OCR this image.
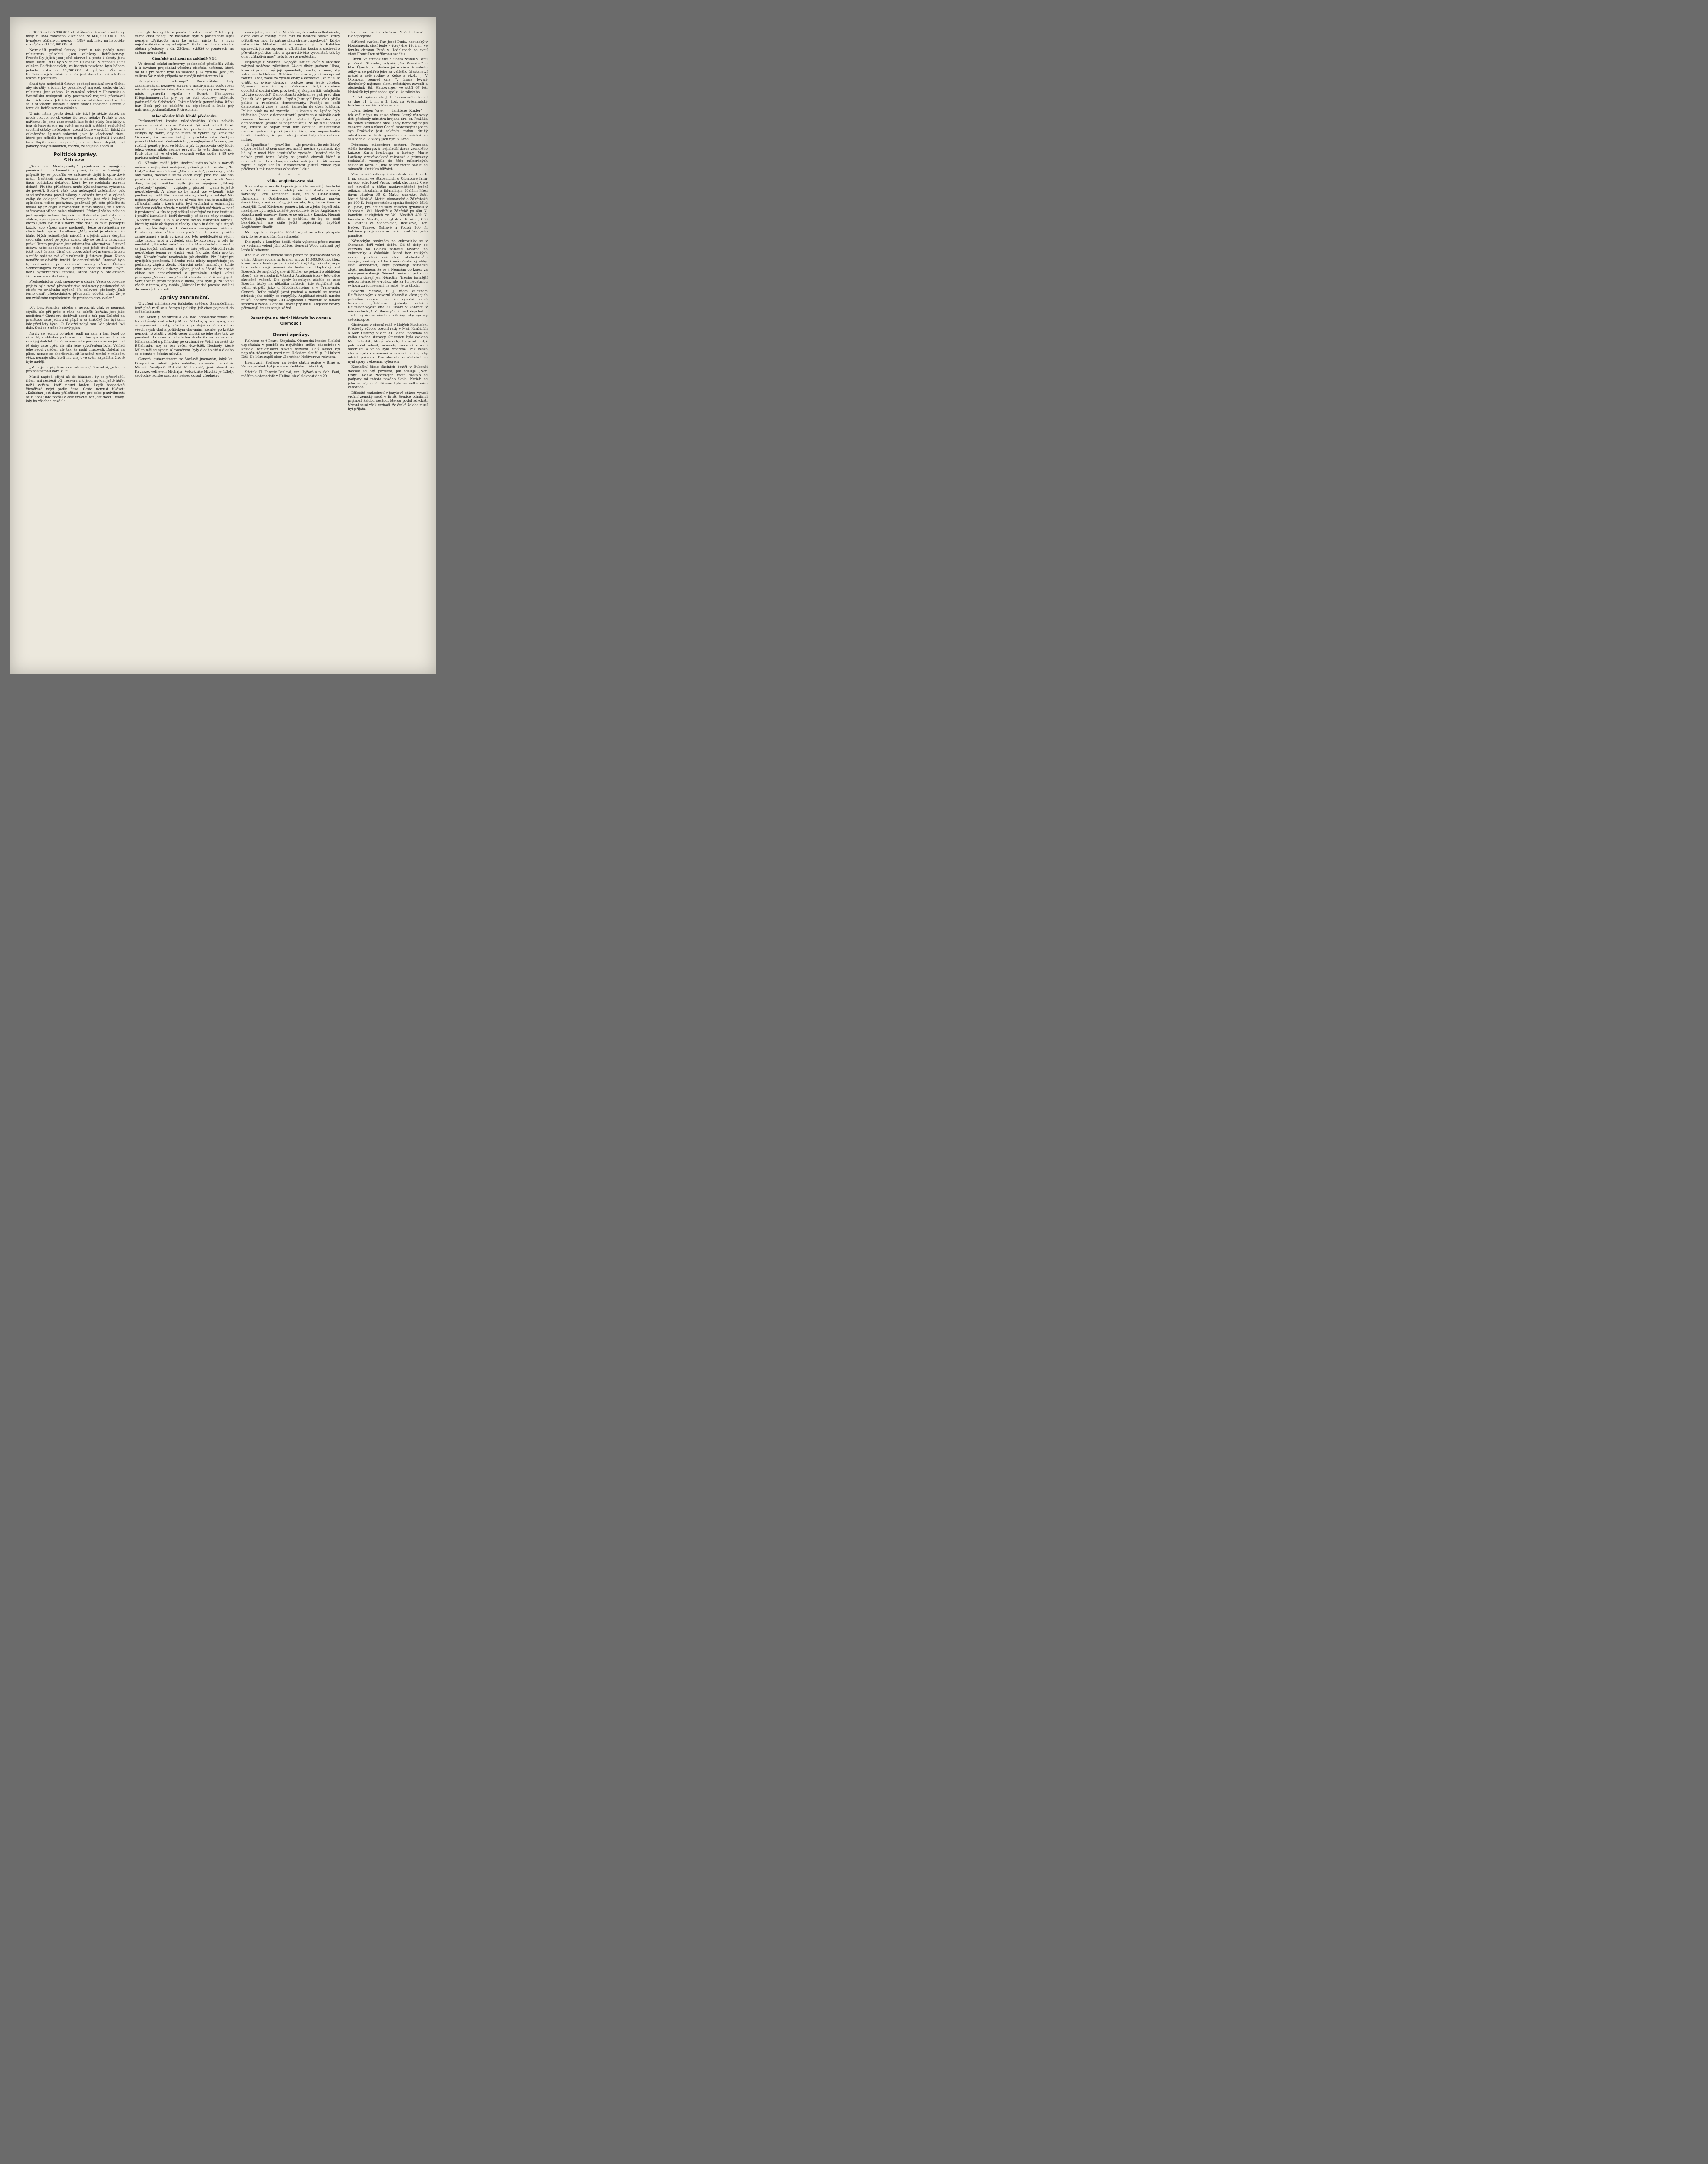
r. 1886 za 305,900.000 zl. Veškeré rakouské spořitelny měly r. 1884 zaneseno v knihách za 600,200.000 zl. na hypotéky půjčených peněz, r. 1897 pak měly na hypotéky rozpůjčeno 1172,300.000 zl.

Nejmladší peněžní ústavy, které u nás počaly mezi rolnictvem působiti, jsou založeny Raiffeisenovy. Prostředky jejich jsou ještě skrovné a proto i obraty jsou malé. Roku 1897 bylo v celém Rakousku v činnosti 1669 záložen Raiffeisenových, ve kterých povoleno bylo během jednoho roku za 14,700.000 zl. půjček. Působení Raiffeisenových záložen u nás jest dosud velmi mladé a takřka v počátcích.

Snad tyto nejmladší ústavy pochopí sociální svou úlohu, aby sloužily k tomu, by pozemkový majetek zachován byl rolnictvu. Jest známo, že zámožní rolníci v Hessensku a Westfálsku nedopustí, aby pozemkový majetek přecházel do cizích rukou. Jeli kde dražba na rolnickou usedlost, tu se k ní všichni dostaví a koupí statek společně. Peníze k tomu dá Raiffeisenova záložna.

U nás máme peněz dosti, ale když je někde statek na prodej, koupí ho obyčejně žid nebo nějaký Prušák a pak nařízime, že jsme zase ztratili kus české půdy. Bez lásky a bez obětavosti nic na světě se nedaří a žádné rozluštění sociální otázky nečekejme, dokud bude v srdcích lidských zakořeněno špinavé sobectví, jako je všeobecně dnes, které pro několik krejcarů nejhoršímu nepříteli i vlastní krev. Kapitalismem se poměry ani na vlas nezlepšily nad poměry doby feudálních, možná, že se ještě zhoršilu.

Politické zprávy.
Situace.

„Son- und Montagszeitg.“ pojednává o nynějších poměrech v parlamentě a praví, že v nepřznivějším případě by se podařilo ve sněmovně dojíti k opravdové práci. Nastávají však nesnáze s adresní debatou anebo jinou politickou debatou, která by se podobala adresní debatě. Při této příležitosti může býti sněmovna vyhozena do povětří. Bude-li však toto nebezpečí zažehnáno, pak snad sněmovna povolí zákony o odvodu branců a vykoná volby do delegací. Povolení rozpočtu jest však každým způsobem velice pochybno, poněvadž při této příležitosti mohlo by již dojíti k rozhodnutí v tom smyslu, že s touto sněmovnou vůbec nelze vládnouti. Přehrají všeho nebude jest nynější ústava. Poprvé, co Rakousko jest ústavním státem, slyšeli jsme v trůnní řeči významná slova: „Ústava, kterou jsem své říši z dobré vůle dal.“ To musí pochopiti každý, kdo vůbec chce pochopiti. Ještě zřetelnějším se stává tento výrok dodatkem: „Můj zřetel je obrácen ku blahu Mých jednotlivých národů a z jejich zdaru čerpám svou sílu, neboť po jejich zdaru, aby se těšili z ústavních práv.“ Tímto projevem jest odstraněna alternativa, ústavní ústava nebo absolutismus, nebo jest ještě třetí možnost, totiž nová ústava. Císař dal dobrovolně svým časem ústavu a může opět ze své vůle nahraditi ji ústavou jinou. Nikdo nemůže se odvážiti tvrditi, že centralistická, únorová byla by dobrodiním pro rakouské národy vůbec. Ústava Schmerlingova nebyla od prvního počátku ničím jiným, nežli byrokratickou fantasií, která nikdy v praktickém životě nezapustila kořeny.

Předsednictvo posl. sněmovny u císaře. Včera dopoledne přijato bylo nové předsednictvo sněmovny poslanecké od císaře ve zvláštním slyšení. Na oslovení předsedy, jímž tento císaři předsednictvo představil, odvětil císař, že je mu zvláštním uspokojením, že předsednictvo zvolené

„Co bys, Francku, ničeho si nepopřál, však se nemusíš stydět, ale při práci z ráno na zahřítí kořalka jest jako medicína.“ Chuti mu dodávali dosti a tak pan Doležel na pranštotu zase jednou si připil a za kratičký čas byl tam, kde před lety býval. O. Doležel nebyl tam, kde přestal, byl dále. Stal se z něho hotový piján.

Napiv se jednou pořádně, padl na zem a tam ležel do rána. Byla chladná podzimní noc. Ten spánek na chladné zemi jej dodělal. Silně onemocněl a pozdravív se na jaře od té doby zase opět, ale síla jeho vykořeněna byla. Vzhled jeho nebyl vyléčen, ale tak, že mohl pracovati. Doléhal na plíce, nemoc se zhoršovala, až konečně umřel v mladém věku, nemaje sílu, kteří mu znejít ve svém zapadlém životě bylo naději.

„Mohl jsem přijíti na více zatracení,“ říkával si, „a to jen pro něštastnou kořalku!“

Musil napřed přijíti až do blázince, by se přesvědčil, tidem ani neštěstí oči nezavírá a tí jsou na tom ještě hůře, nežli zvířata, kteří nesmí budou. Lepší hospodyně čtenářské nejví podle čase. Často nemusí říkávat: „Každému jest dána příležitost pro pro sebe pozdvihnouti až k Bohu; kdo přešel z celé úrovně, ten jest dosti i tehdy, kdy ho všechno chválí.“

no bylo tak rychle a poměrně jednohlasně. Z toho prý čerpá císař naději, že nastanou nyní v parlamentě lepší poměry. „Přikročte nyní ke práci, místo to je nyní nejdůležitějším a nejnutnějším“. Po té rozmlouval císař s oběma předsedy, s dr. Žáčkem zvláště o poměrech na sněmu moravském.

Císařské nařízení na základě § 14

Ve dnešní schází sněmovny poslanecké předložila vláda k ú tavnímu projednání všechna císařská nařízení, která od ní s přeložené byla na základě § 14 vydána. Jest jich celkem 58; z nich připadá na nynější ministerstvo 18.

Kriegshammer odstoupí? Budapešťské listy zaznamenávají poznovu zprávu o nastávajícím odstoupení ministra vojenství Kriegshammera, kterýž prý nastoupí na místo generála Apella v Bosně. Nástupcem Kriegshammerovým prý by se stal odborový náčelník podmaršálek Schönaich. Také náčelník generálního štábu bar. Beck prý se odebéře na odpočinutí a bude prý nahrazen podmaršálkem Pittreichem.

Mladočeský klub hledá předsedu.

Parlamentární komise mladočeského klubu nabídla předsednictví klubu dru. Kaizlovi. Týž však odmítl. Totéž učinil i dr. Herold. Jelikož též předsednictví nabídnuto. Nebyla by dobře, aby na místo to vybrán byl konkurs? Okolnost, že nechce žádný z předáků mladočeských převzíti klubovní předsednictví, je nejlepším důkazem, jak rozbitý poměry jsou ve klubu a jak dopracovala celý klub, jehož vedení nikdo nechce převzíti. To je to dopracování! Klub chce již ve čtvrtek vykonati volbu podle § 49 své parlamentární komise.

O „Národní radě“ jejíž utvoření uvítáno bylo v národě našem s nejlepšími nadějemi, přinášejí mladočeské „Plz. Listy“ velmi veselé čtení. „Národní rada“, praví ony, „měla aby radila, dostávala se za všech krajů plno rad, ale ona prostě si jich nevšímá. Ani slova z ní nelze dostati. Není divu, že její zaniklost vyšlo již ke výpůjčce. „Takový „předsedy“ spolek“ — vtipkuje p. pisatel — „jsme tu ještě nepotřebovali. A přece co by mohl vše vykonati, jaké poslání vyplniti! Než marné všecky stesky a žaloby! Nic nejsou platny! Cimvice ve na ní volá, tím ona je zamlklejší. „Národní rada“, která měla býti vrchními a ochranným strážcem celého národa v nejdůležitějších otázkách — není k probuzení. A tím to prý stěžují si veřejně na tuto instituci i pražští žurnalisté, kteří dovedli ji až dosud vždy chrániti. „Národní rada“ slibila založení svého tiskového bureau, které by mělo až doposud všecky, aby o tu dobu byla stejně pak nejdůležitější a k českému veřejnému vědomí. Předsedky sice vůbec neodpověděla. A pořád pražští zaměstnanci z úsilí vyřízení pro tyto nejdůležitější věci… Také nebylo proč a výsledek sám by kdo nebyl a celý by neudělal. „Národní rada“ pomohla Mladočechům zprostiti se jazykových nařízení, a tím ze tato ješitná Národní rada nepotřebné jenom ve vlastní věci. Nic zde. Ráda pro to, aby „Národní rada“ neodvolala, jak chválilo „Plz. Listy“ při nynějších poměrech. Národní rada nikdy nepotřebuje jen podmínky zápisu všech. „Národní rada“ naznačuje, tohle vinu nese jednak tiskový výbor, jehož s účastí, že dosud vůbec nic nenazzkoumal a protokolu nebyli velmi přístupny „Národní rady“ se škodou do poměrů veřejných. Veřejnost to proto napadá a úloha, jenž nyní je za úvahu všech v tomto, aby mohla „Národní rada“ povolat své lidi do zemských a vlasti.

Zprávy zahraniční.

Utvoření ministerstva italského svěřeno Zanardellimu, jenž plně radí se s četnými politiky, jež chce pojmouti do svého kabinetu.

Král Milan †. Ve středu o ½4. hod. odpoledne zemřel ve Vídni bývalý král srbský Milan. Srbsko, zprvu tajený, smí schopnostmi mnohý, ačkoliv v pozdější době zbavil se všech svých vlád a politickým chováním. Zemřel po krátké nemoci, již zjistil v pátek večer zhoršil se jeho stav tak, že poněkud do rána z odpoledne dostavila se katastrofa. Milan zemřel o půl hodiny po ordinaci ve Vídni na cestě do Bělehradu, aby se ten večer dozvěděl. Neshody, které Milan měl se synem Alexandrem, byly dlouholeté a dlouho se o tomto v Srbsku mluvilo.

Generál gubernatorem ve Varšavě jmenován, když kn. Dragomirov odmítl jeho nabídku, generální pobočník Michail Vasiljevič Mikuláš Michajlovič, jenž sloužil na Kavkaze, velitelem Michajla. Velkokníže Mikuláš je 42letý, svobodný. Polské časopisy nejsou dosud přeplněny.

vou o jeho jmenování. Nanáše se, že osoba velkoknížete, člena carské rodiny, bude míti na některé polské kruhy přitažlivou moc. To patrně platí straně „ugodovců“. Kdyby velkokníže Mikuláš měl v úmyslu býti k Polákům spravedlivým zástupcem a ofíciálního Ruska a sledoval z převážné politiku míru a spravedlivého vyrovnání, tak by ona „přítažlivá moc“ nebyla právě neštěstím.

Nepokoje v Madridě. Nejvyšší soudní dvůr v Madridě zabýval nedávno záležitostí 24leté dívky jménem Ubao, kterouž pohnul prý její zpovědník, Jesuita, k tomu, aby vstoupila do kláštera. Ohlášení Salmerona, jenž zastupoval rodinu Ubao, žádal za vydání dívky a dovozoval, že musí se vrátiti do svého domova, protože není jestě 25letou. Vynesení rozsudku bylo očekáváno. Když ohlášeno opouštění soudní síně, provázeli jej skupina lidí, volajících: „Ať žije svoboda!“ Demonstranti odebrali se pak před dům Jesuitů, kde provolávali: „Pryč s Jesuity!“ Brzy však přišla policie a rozehnala demonstranty. Později se sešli demonstranti zase a házeli kamením do oken kláštera. Policie však na ně vyrazila. I u kostela sv. Ignáce byly tlačenice. Jeden z demonstrantů postřelen a několik osob raněno. Rovněž i v jiných městech Španělska byly demonstrace. Jesuité si nepřipouštějí, že by měli jednati zle, kdežto se odpor proti nim zvětšuje. Ministerstvo nechce vystoupiti proti jednání řádu, aby nepovzbudilo hnutí. Uváděno, že pro toto jednání byly demonstrace nutné.

„O Španělsko“ — praví list — „je pravdou, že zde lidový odpor nedává až sem sice bez násilí, nechce vymáhati, aby lid byl z moci řádu jesuitského vyvázán. Ostatně nic by nebyla proti tomu, kdyby se jesuité chovali řádně a nevmísili se do rodinných záležitostí jen k vůli svému zájmu a svým účelům. Nepozornost jesuitů vůbec byla příčinou k tak mocnému vzbouření lidu.“

* * *
Válka anglicko-zavalská.

Stav války v osadě kapské je stále neurčitý. Poslední depeše Kitchenerova nesdělují nic než ztráty a menší šarvátky. Lord Kitchener hlásí, že v Clanvilliamu, Dniondalu a Ondshoomu došlo k několika malým šarvátkám, které skončily, jak se zdá, tím, že se Boerové rozutýlili. Lord Kitchener poměry, jak se z Jeho depeší zdá, nezdají se býti nějak zvláště povzbudivé, že by Angličané v Kapsku měli úspěchy. Boerové se udržují v Kapsku. Nemají výhod, jakým se těšili z počátku, že by se stali bezvládnými; ale stále ještě nepřestávají úspěšně Angličanům škoditi.

Mor vypukl v Kapském Městě a jest se velice přespolo šíří. To jestě Angličanům scházelo!

Dle zpráv z Londýna hodlá vláda vykonati přece změnu ve vrchním velení jižní Africe. Generál Wood nahradí prý lorda Kitchenera.

Anglická vláda neměla zase peněz na pokračování války v jižní Africe; vydala na to nyní znovu 11,000.000 lib. šter., které jsou v tomto případě částečně výlohy, jež ostatně po této válce mají pomoci do budoucna. Doplněný jest Boerech, že anglický generál Pilcher se pokusil o obklíčení Boerů, ale se nezdařil. Vítězství Angličanů jsou v této válce skutečně vzácná. Dle zpráv boerských zdařilo se zase Boerům útoky na několika místech, kde Angličané tak velmi utrpěli, jako u Modderfonteinu a v Transvaalu. Generál Botha zahájil jarní pochod a nemohl se nechat zdržeti; jeho oddíly se rozptýlily. Angličané ztratili mnoho mužů. Boerové zajali 200 Angličanů a zmocnili se mnoho střeliva a zásob. Generál Dewet prý unikl. Anglické noviny přiznávají, že situace je vážná.

Pamatujte na Matici Národního domu v Olomouci!
Denní zprávy.

Rekviem za † Frant. Stejskala. Olomucká Matice školská uspořádala v pondělí za největšího sněhu odbrodnice v kostele kanucínském slavné rekviem. Celý kostel byl naplněn účastníky, mezi nimi Rekviem sloužil p. P. Hubert Ettl. Na kůru zapěl sbor „Žerotína“ Neštverovo rekviem.

Jmenování. Profesor na české státní reálce v Brně p. Václav Jeřábek byl jmenován ředitelem této školy.

Sňatek. Pl. Terezie Paulová, roz. Hyžová a p. Seb. Paul, měšťan a obchodník v Hulíně, slaví slavnost dne 29.

ledna ve farním chrámu Páně hulínském. Blahopřejeme.

Stříbrná svatba. Pan Josef Duda, hostinský v Hodolanech, slaví bude v úterý dne 19. t. m. ve farním chrámu Páně v Hodolanech se svojí chotí Františkou stříbrnou svadbu.

Úmrtí. Ve čtvrtek dne 7. února zesnul v Pánu p. Frant. Strnadel, mlynář „Na Pravníku“ u Hor. Újezda, v mladém ještě věku. V sobotu odbýval se pohřeb jeho za velikého účastenství přátel a celé rodiny z Kelče a okolí. — V Olomouci zemřel dne 7. února bývalý dlouholetý nájemce olom. městských závodů a obchodník Ed. Haubwerger ve stáří 67 let. Nebožtík byl předsedou spolku katolického.

Pohřeb spisovatele J. L. Turnovského konal se dne 11. t. m. o 3. hod. na Vyšehradský hřbitov za velikého účastenství.

„Dem lieben Vater — dankbare Kinder“ — tak zněl nápis na stuze věnce, který věnovaly děti předsedy ministra-krajana dra. br. Pražáka na rakev zesnulého otce. Tedy německý nápis českému otci a vůdci Čechů moravských! Jeden syn Pražákův jest sekčním radou, druhý advokátem a třetí generálem a všichni ve službách c. k. vlády jsou nyní v Brně.

Princezna milosrdnou sestrou. Princezna Adéla Isenburgová, nejmladší dcera zesnulého knížete Karla Isenburga a kněžny Marie Loušeny, arcivévodkyně rakouské a princezny toskánské, vstoupila do řádu milosrdných sester sv. Karla B., kde ke své matce pokusí se odnaučiti skutkům blížních.

Vlastenecké odkazy kněze-vlastence. Dne 4. t. m. skonal ve Stabenicích u Olomouce farář na odp. vdp. Josef Pruca, rodák chotínský. Cele své nevelké a těžko nashromážděné jmění odkázal národním a lidumilným účelům: Mezi jiným chudým 60 K, Matici opavské, Ústř. Matici školské, Matici olomoucké a Záhřebské po 200 K, Podporovatelnu spolku českých žáků v Opavě, pro chudé žáky českých gymnasií v Olomouci, Val. Meziříčí a Záhřebě po 400 K, konviktu studujících ve Val. Meziříčí 400 K, kostelu ve Veselé, kde byl dříve farářem, 600 K, kostelu ve Stabenicích, Radíkově, Hor. Bečvě, Trnavě, Ostravě a Podolí 200 K. Většinou pro jeho okres patřil. Buď čest jeho památce!

Německým továrnám na cukrovinky se v Olomouci daří velmi dobře. Od té doby, co zařízena na Dolním náměstí továrna na cukrovinky a čokoládu, která bez velikých reklam prodává své zboží obchodníkům českým, zmizely z trhu i naše české výrobky. Naši obchodníci, když prodávají německé zboží, nechápou, že se ji Němcům do kapsy za naše peníze dávají. Němečtí továrníci pak svou podporu dávají jen Němcům. Trochu lacinější nejsou německé výrobky, ale za tu nepatrnou výhodu ztrácíme sami na sobě. Je to škoda.

Severní Moravě, t. j. všem záložnám Raiffeisenovým v severní Moravě a všem jejich přátelům oznamujeme, že výroční valná hromada „Ústřední jednoty záložen Raiffeisenových“ dne 21. února v Zábřehu v místnostech „Obč. Besedy“ o 9. hod. dopolední. Timto vybízíme všechny záložny, aby vyslaly své zástupce.

Obstrukce v obecní radě v Malých Kunčicích. Předsedy výboru obecní rady v Mal. Kunčicích a Mor. Ostravy, v den 31. ledna, pořádala se volba nového starosty. Starostou bylo zvoleno Mr. Teltschik, který německy hlasoval. Když pak začal mluvit, německý zástupci zavedli obstrukci a volba byla zmařena. Pak česká strana vydala usnesení a zavolali policii, aby udržel pořádek. Pan starosta zaměstnává se nyní spory s obecním výborem.

Klerikální škole školních bratří v Bubenči dostalo se prý povolení, jak sděluje „Nár. Listy“. Kolika židovských rodin dostalo se podpory od tohoto nového škole. Nedaří se jeho se zájmem? Zřízeno bylo ve velké míře věnováno.

Důležité rozhodnutí v jazykové otázce vynesl vrchní zemský soud v Brně. Soudce odmítnul přijmout žalobu českou, kterou podal advokát. Vrchní soud však rozhodl, že česká žaloba musí být přijata.
